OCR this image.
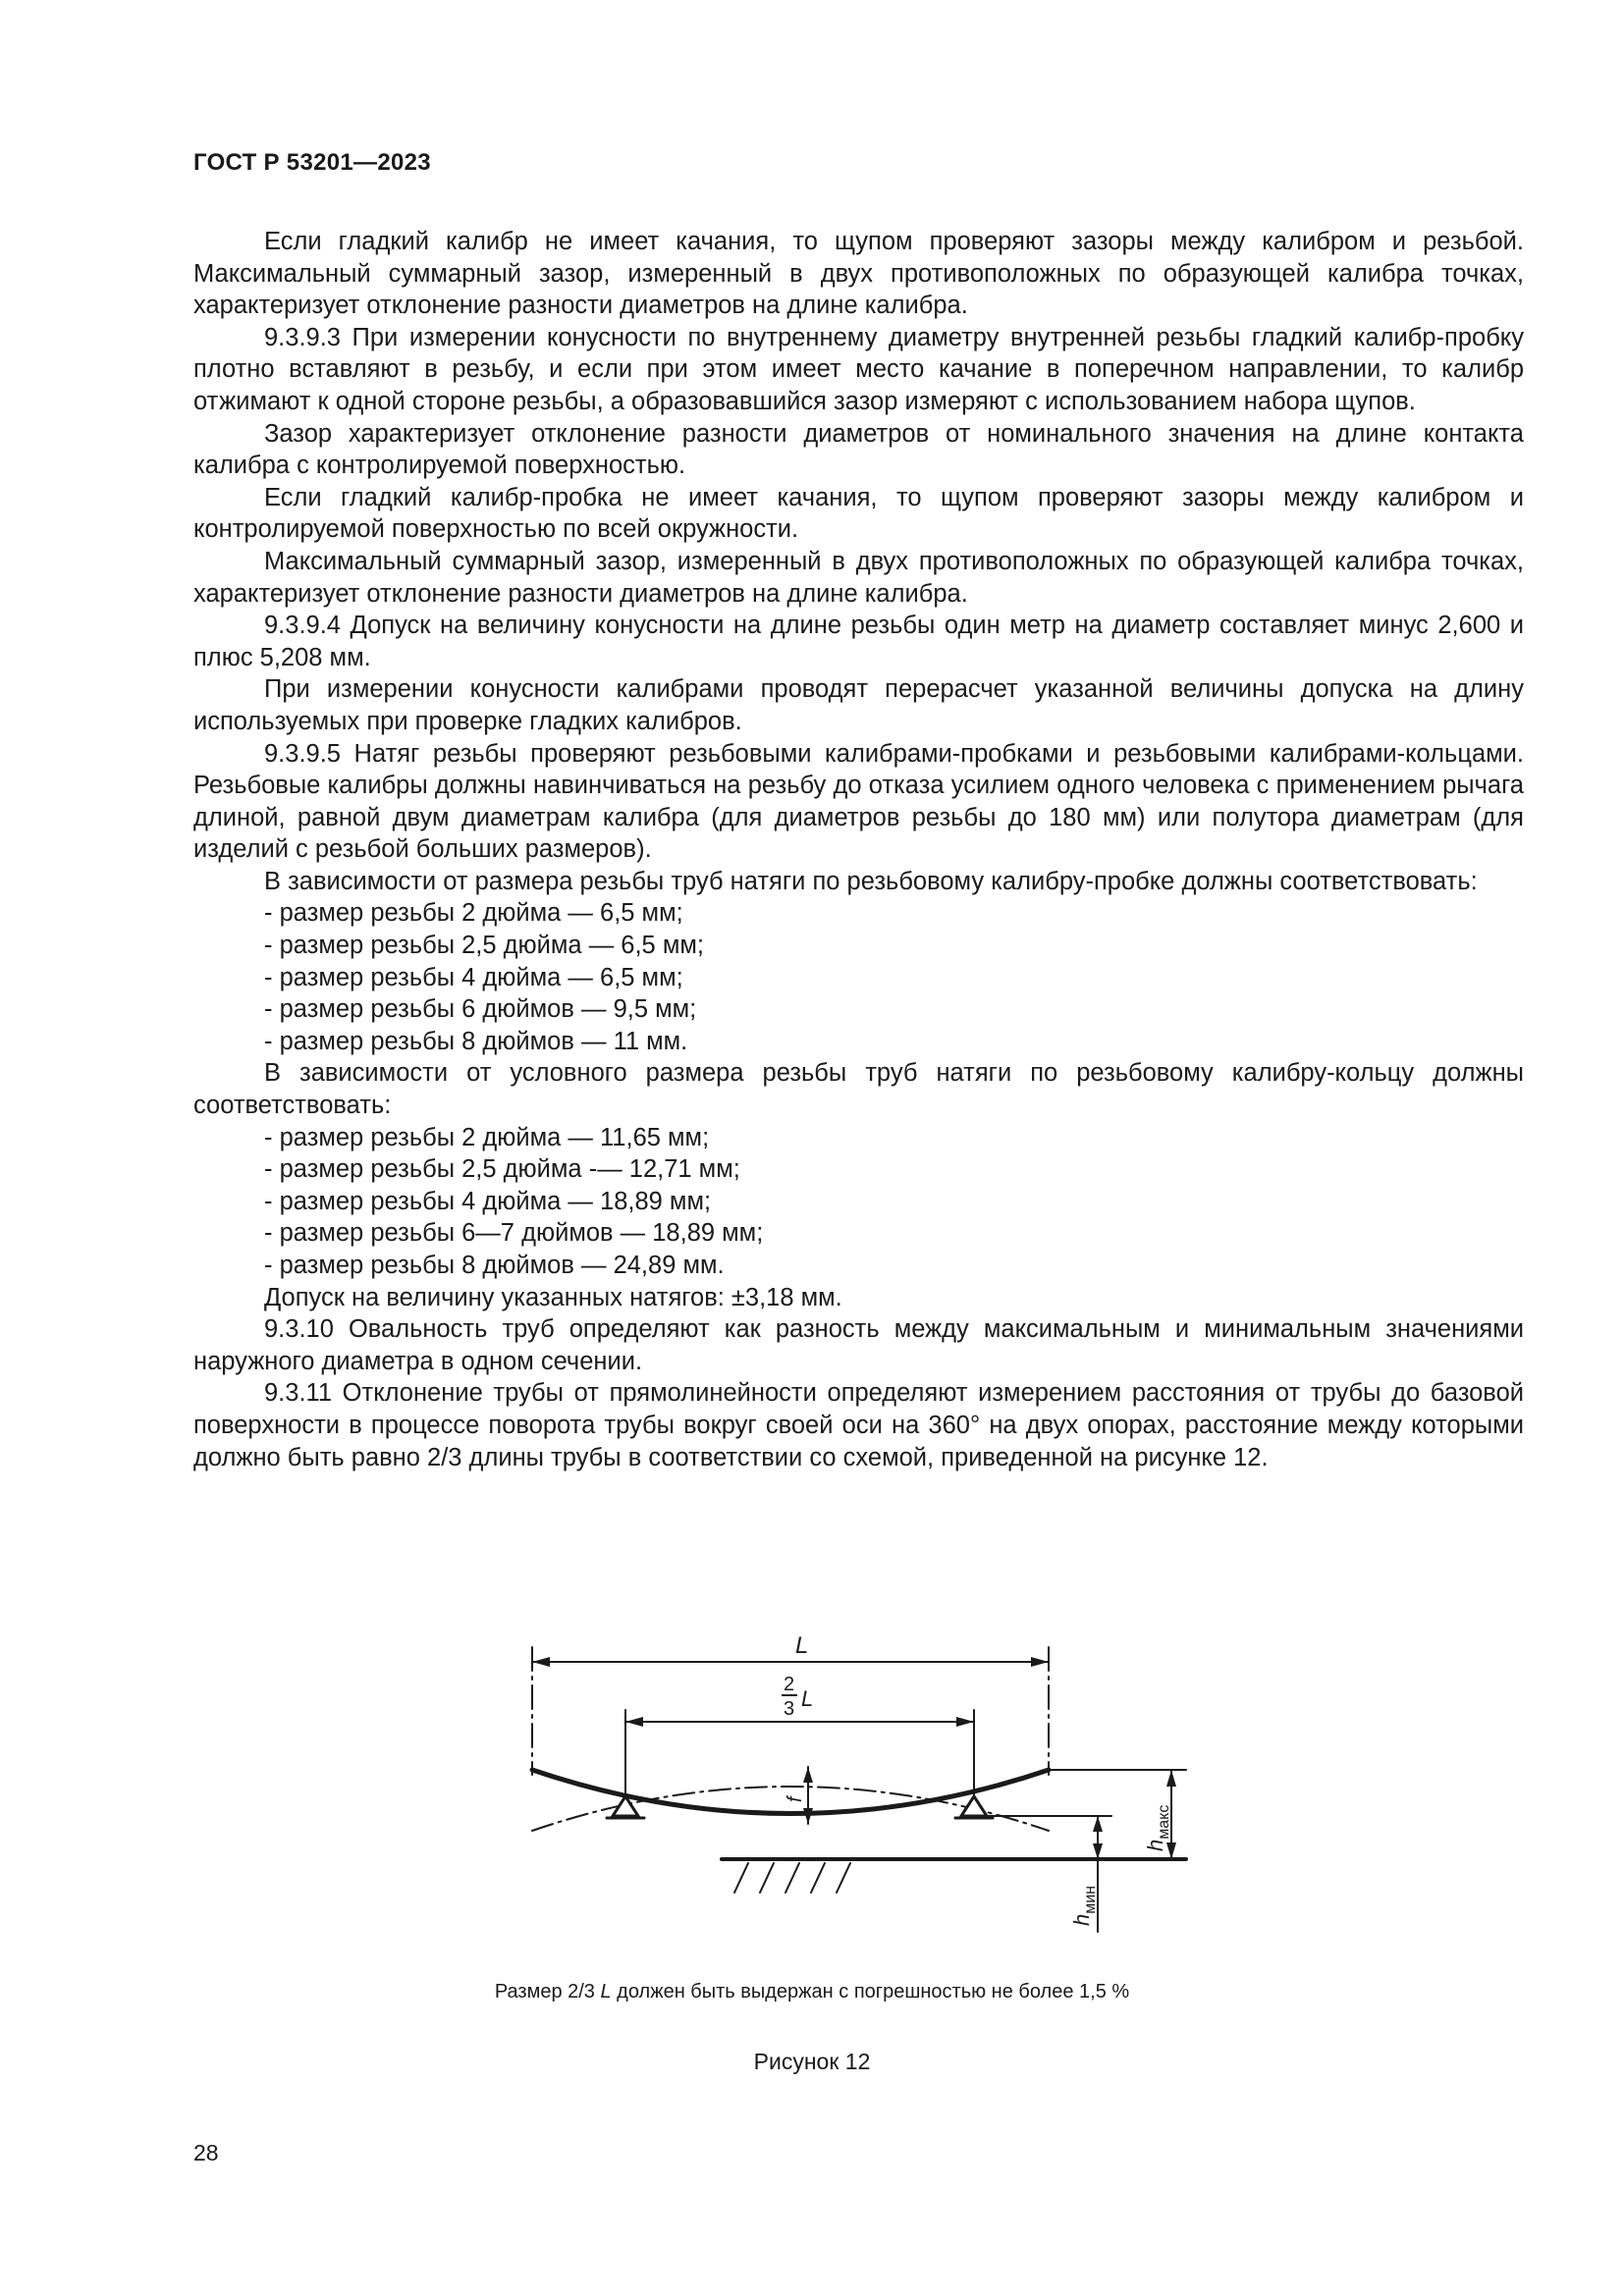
ГОСТ Р 53201—2023

Если гладкий калибр не имеет качания, то щупом проверяют зазоры между калибром и резьбой. Максимальный суммарный зазор, измеренный в двух противоположных по образующей калибра точках, характеризует отклонение разности диаметров на длине калибра.

9.3.9.3 При измерении конусности по внутреннему диаметру внутренней резьбы гладкий калибр-пробку плотно вставляют в резьбу, и если при этом имеет место качание в поперечном направлении, то калибр отжимают к одной стороне резьбы, а образовавшийся зазор измеряют с использованием набора щупов.

Зазор характеризует отклонение разности диаметров от номинального значения на длине контакта калибра с контролируемой поверхностью.

Если гладкий калибр-пробка не имеет качания, то щупом проверяют зазоры между калибром и контролируемой поверхностью по всей окружности.

Максимальный суммарный зазор, измеренный в двух противоположных по образующей калибра точках, характеризует отклонение разности диаметров на длине калибра.

9.3.9.4 Допуск на величину конусности на длине резьбы один метр на диаметр составляет минус 2,600 и плюс 5,208 мм.

При измерении конусности калибрами проводят перерасчет указанной величины допуска на длину используемых при проверке гладких калибров.

9.3.9.5 Натяг резьбы проверяют резьбовыми калибрами-пробками и резьбовыми калибрами-кольцами. Резьбовые калибры должны навинчиваться на резьбу до отказа усилием одного человека с применением рычага длиной, равной двум диаметрам калибра (для диаметров резьбы до 180 мм) или полутора диаметрам (для изделий с резьбой больших размеров).

В зависимости от размера резьбы труб натяги по резьбовому калибру-пробке должны соответствовать:

- размер резьбы 2 дюйма — 6,5 мм;
- размер резьбы 2,5 дюйма — 6,5 мм;
- размер резьбы 4 дюйма — 6,5 мм;
- размер резьбы 6 дюймов — 9,5 мм;
- размер резьбы 8 дюймов — 11 мм.

В зависимости от условного размера резьбы труб натяги по резьбовому калибру-кольцу должны соответствовать:

- размер резьбы 2 дюйма — 11,65 мм;
- размер резьбы 2,5 дюйма -— 12,71 мм;
- размер резьбы 4 дюйма — 18,89 мм;
- размер резьбы 6—7 дюймов — 18,89 мм;
- размер резьбы 8 дюймов — 24,89 мм.

Допуск на величину указанных натягов: ±3,18 мм.

9.3.10 Овальность труб определяют как разность между максимальным и минимальным значениями наружного диаметра в одном сечении.

9.3.11 Отклонение трубы от прямолинейности определяют измерением расстояния от трубы до базовой поверхности в процессе поворота трубы вокруг своей оси на 360° на двух опорах, расстояние между которыми должно быть равно 2/3 длины трубы в соответствии со схемой, приведенной на рисунке 12.

L
2
3 L
f
$h_{макс}$
$h_{мин}$
Размер 2/3 L должен быть выдержан с погрешностью не более 1,5 %
Рисунок 12
28
